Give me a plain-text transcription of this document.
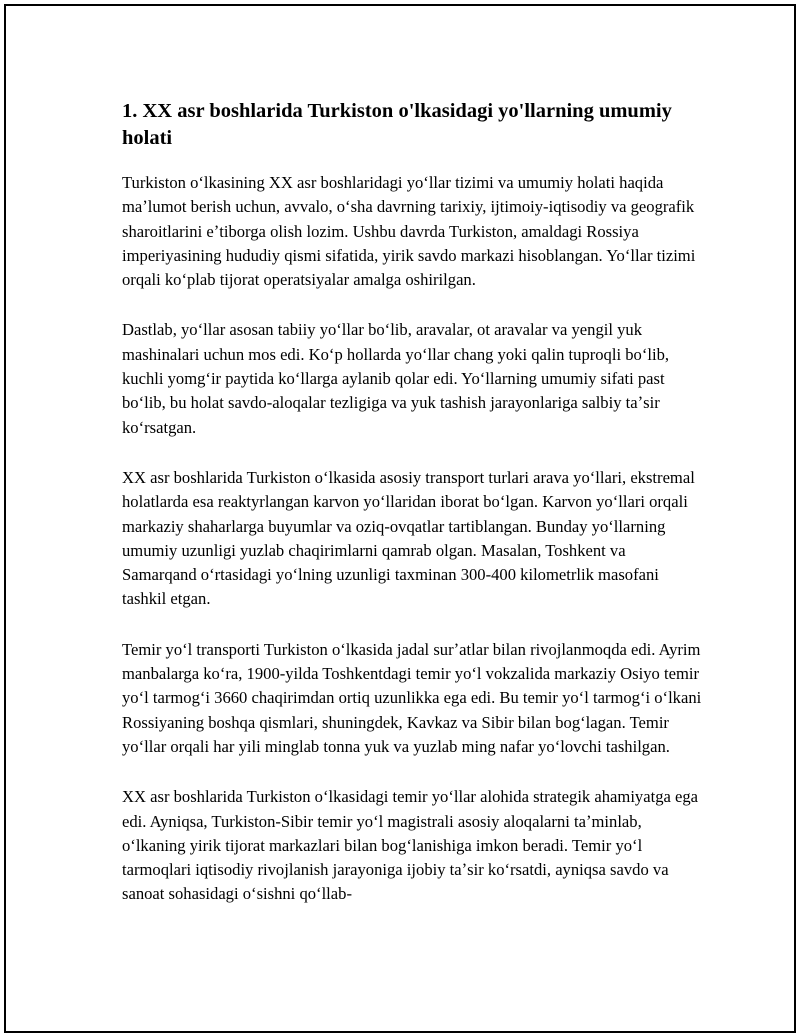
1. XX asr boshlarida Turkiston o'lkasidagi yo'llarning umumiy holati

Turkiston oʻlkasining XX asr boshlaridagi yoʻllar tizimi va umumiy holati haqida maʼlumot berish uchun, avvalo, oʻsha davrning tarixiy, ijtimoiy-iqtisodiy va geografik sharoitlarini eʼtiborga olish lozim. Ushbu davrda Turkiston, amaldagi Rossiya imperiyasining hududiy qismi sifatida, yirik savdo markazi hisoblangan. Yoʻllar tizimi orqali koʻplab tijorat operatsiyalar amalga oshirilgan.

Dastlab, yoʻllar asosan tabiiy yoʻllar boʻlib, aravalar, ot aravalar va yengil yuk mashinalari uchun mos edi. Koʻp hollarda yoʻllar chang yoki qalin tuproqli boʻlib, kuchli yomgʻir paytida koʻllarga aylanib qolar edi. Yoʻllarning umumiy sifati past boʻlib, bu holat savdo-aloqalar tezligiga va yuk tashish jarayonlariga salbiy taʼsir koʻrsatgan.

XX asr boshlarida Turkiston oʻlkasida asosiy transport turlari arava yoʻllari, ekstremal holatlarda esa reaktyrlangan karvon yoʻllaridan iborat boʻlgan. Karvon yoʻllari orqali markaziy shaharlarga buyumlar va oziq-ovqatlar tartiblangan. Bunday yoʻllarning umumiy uzunligi yuzlab chaqirimlarni qamrab olgan. Masalan, Toshkent va Samarqand oʻrtasidagi yoʻlning uzunligi taxminan 300-400 kilometrlik masofani tashkil etgan.

Temir yoʻl transporti Turkiston oʻlkasida jadal surʼatlar bilan rivojlanmoqda edi. Ayrim manbalarga koʻra, 1900-yilda Toshkentdagi temir yoʻl vokzalida markaziy Osiyo temir yoʻl tarmogʻi 3660 chaqirimdan ortiq uzunlikka ega edi. Bu temir yoʻl tarmogʻi oʻlkani Rossiyaning boshqa qismlari, shuningdek, Kavkaz va Sibir bilan bogʻlagan. Temir yoʻllar orqali har yili minglab tonna yuk va yuzlab ming nafar yoʻlovchi tashilgan.

XX asr boshlarida Turkiston oʻlkasidagi temir yoʻllar alohida strategik ahamiyatga ega edi. Ayniqsa, Turkiston-Sibir temir yoʻl magistrali asosiy aloqalarni taʼminlab, oʻlkaning yirik tijorat markazlari bilan bogʻlanishiga imkon beradi. Temir yoʻl tarmoqlari iqtisodiy rivojlanish jarayoniga ijobiy taʼsir koʻrsatdi, ayniqsa savdo va sanoat sohasidagi oʻsishni qoʻllab-
